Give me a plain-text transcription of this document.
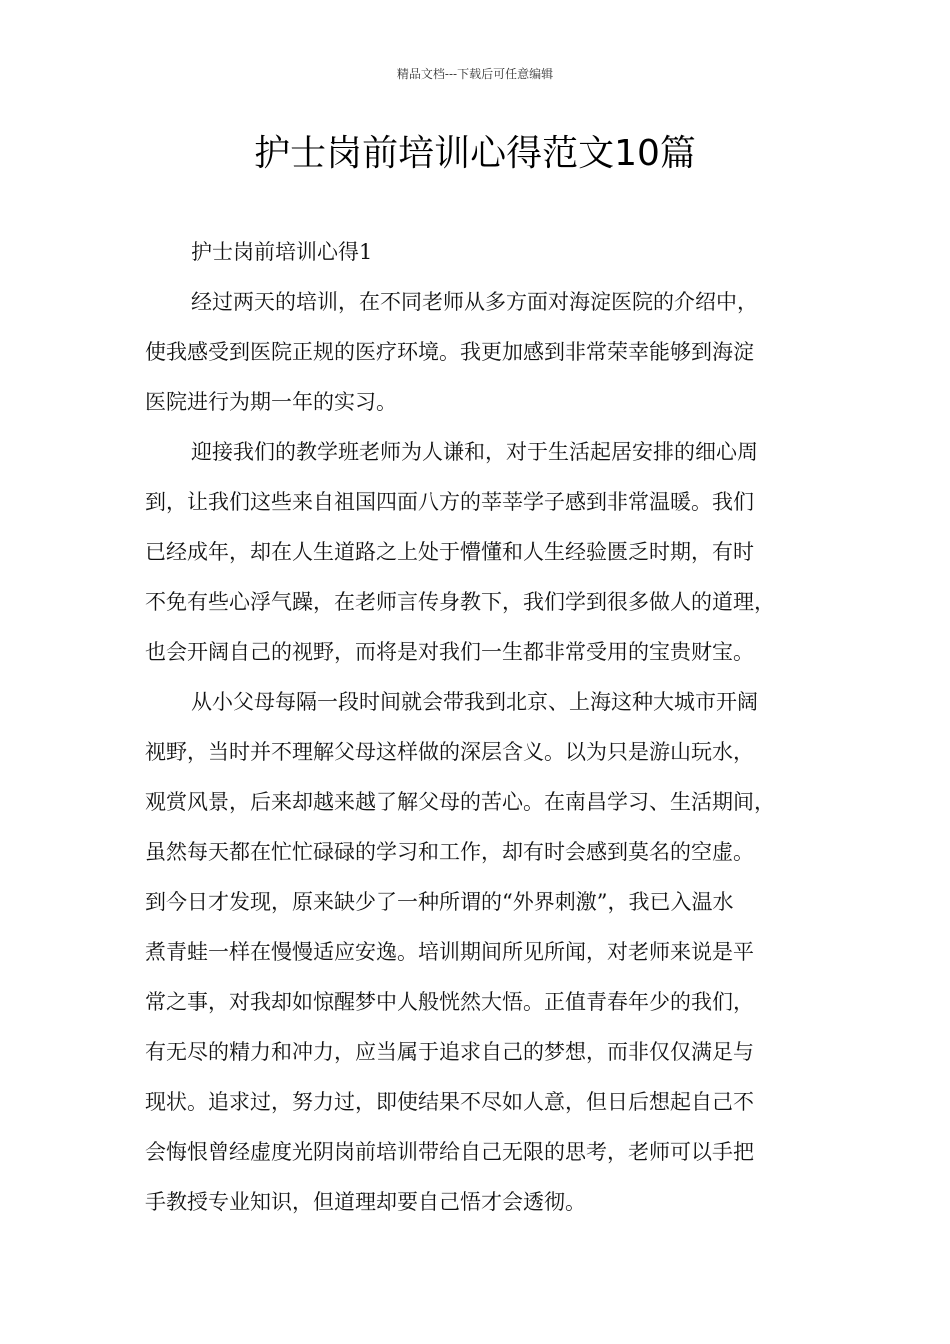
精品文档---下载后可任意编辑
护士岗前培训心得范文10篇
护士岗前培训心得1
经过两天的培训，在不同老师从多方面对海淀医院的介绍中，
使我感受到医院正规的医疗环境。我更加感到非常荣幸能够到海淀
医院进行为期一年的实习。
迎接我们的教学班老师为人谦和，对于生活起居安排的细心周
到，让我们这些来自祖国四面八方的莘莘学子感到非常温暖。我们
已经成年，却在人生道路之上处于懵懂和人生经验匮乏时期，有时
不免有些心浮气躁，在老师言传身教下，我们学到很多做人的道理，
也会开阔自己的视野，而将是对我们一生都非常受用的宝贵财宝。
从小父母每隔一段时间就会带我到北京、上海这种大城市开阔
视野，当时并不理解父母这样做的深层含义。以为只是游山玩水，
观赏风景，后来却越来越了解父母的苦心。在南昌学习、生活期间，
虽然每天都在忙忙碌碌的学习和工作，却有时会感到莫名的空虚。
到今日才发现，原来缺少了一种所谓的“外界刺激”，我已入温水
煮青蛙一样在慢慢适应安逸。培训期间所见所闻，对老师来说是平
常之事，对我却如惊醒梦中人般恍然大悟。正值青春年少的我们，
有无尽的精力和冲力，应当属于追求自己的梦想，而非仅仅满足与
现状。追求过，努力过，即使结果不尽如人意，但日后想起自己不
会悔恨曾经虚度光阴岗前培训带给自己无限的思考，老师可以手把
手教授专业知识，但道理却要自己悟才会透彻。
